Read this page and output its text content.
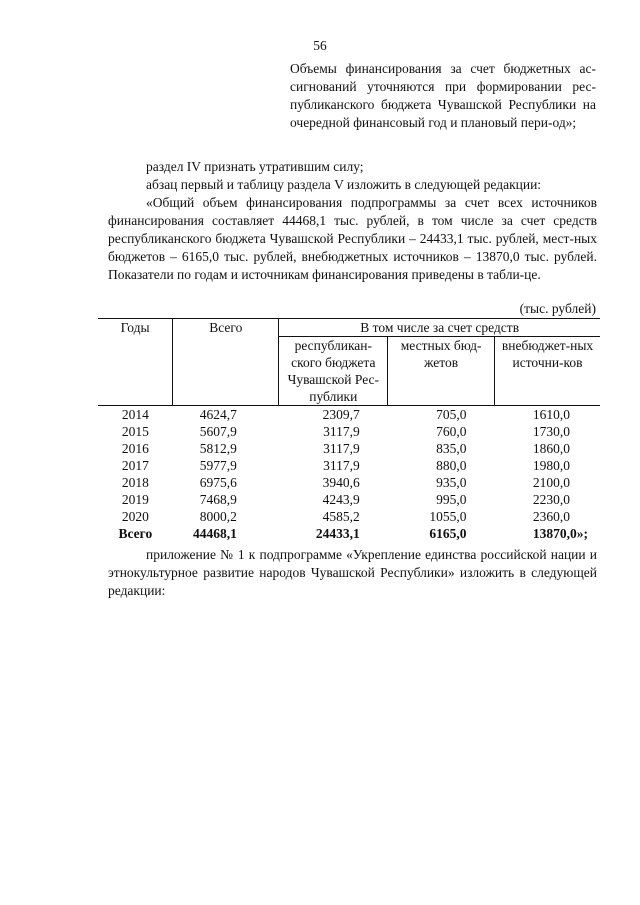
56
Объемы финансирования за счет бюджетных ас-сигнований уточняются при формировании рес-публиканского бюджета Чувашской Республики на очередной финансовый год и плановый пери-од»;
раздел IV признать утратившим силу;
абзац первый и таблицу раздела V изложить в следующей редакции:
«Общий объем финансирования подпрограммы за счет всех источников финансирования составляет 44468,1 тыс. рублей, в том числе за счет средств республиканского бюджета Чувашской Республики – 24433,1 тыс. рублей, мест-ных бюджетов – 6165,0 тыс. рублей, внебюджетных источников – 13870,0 тыс. рублей. Показатели по годам и источникам финансирования приведены в табли-це.
(тыс. рублей)
Годы	Всего	В том числе за счет средств		
		республикан-ского бюджета Чувашской Рес-публики	местных бюд-жетов	внебюджет-ных источни-ков
2014	4624,7	2309,7	705,0	1610,0
2015	5607,9	3117,9	760,0	1730,0
2016	5812,9	3117,9	835,0	1860,0
2017	5977,9	3117,9	880,0	1980,0
2018	6975,6	3940,6	935,0	2100,0
2019	7468,9	4243,9	995,0	2230,0
2020	8000,2	4585,2	1055,0	2360,0
Всего	44468,1	24433,1	6165,0	13870,0»;
приложение № 1 к подпрограмме «Укрепление единства российской нации и этнокультурное развитие народов Чувашской Республики» изложить в следующей редакции:
